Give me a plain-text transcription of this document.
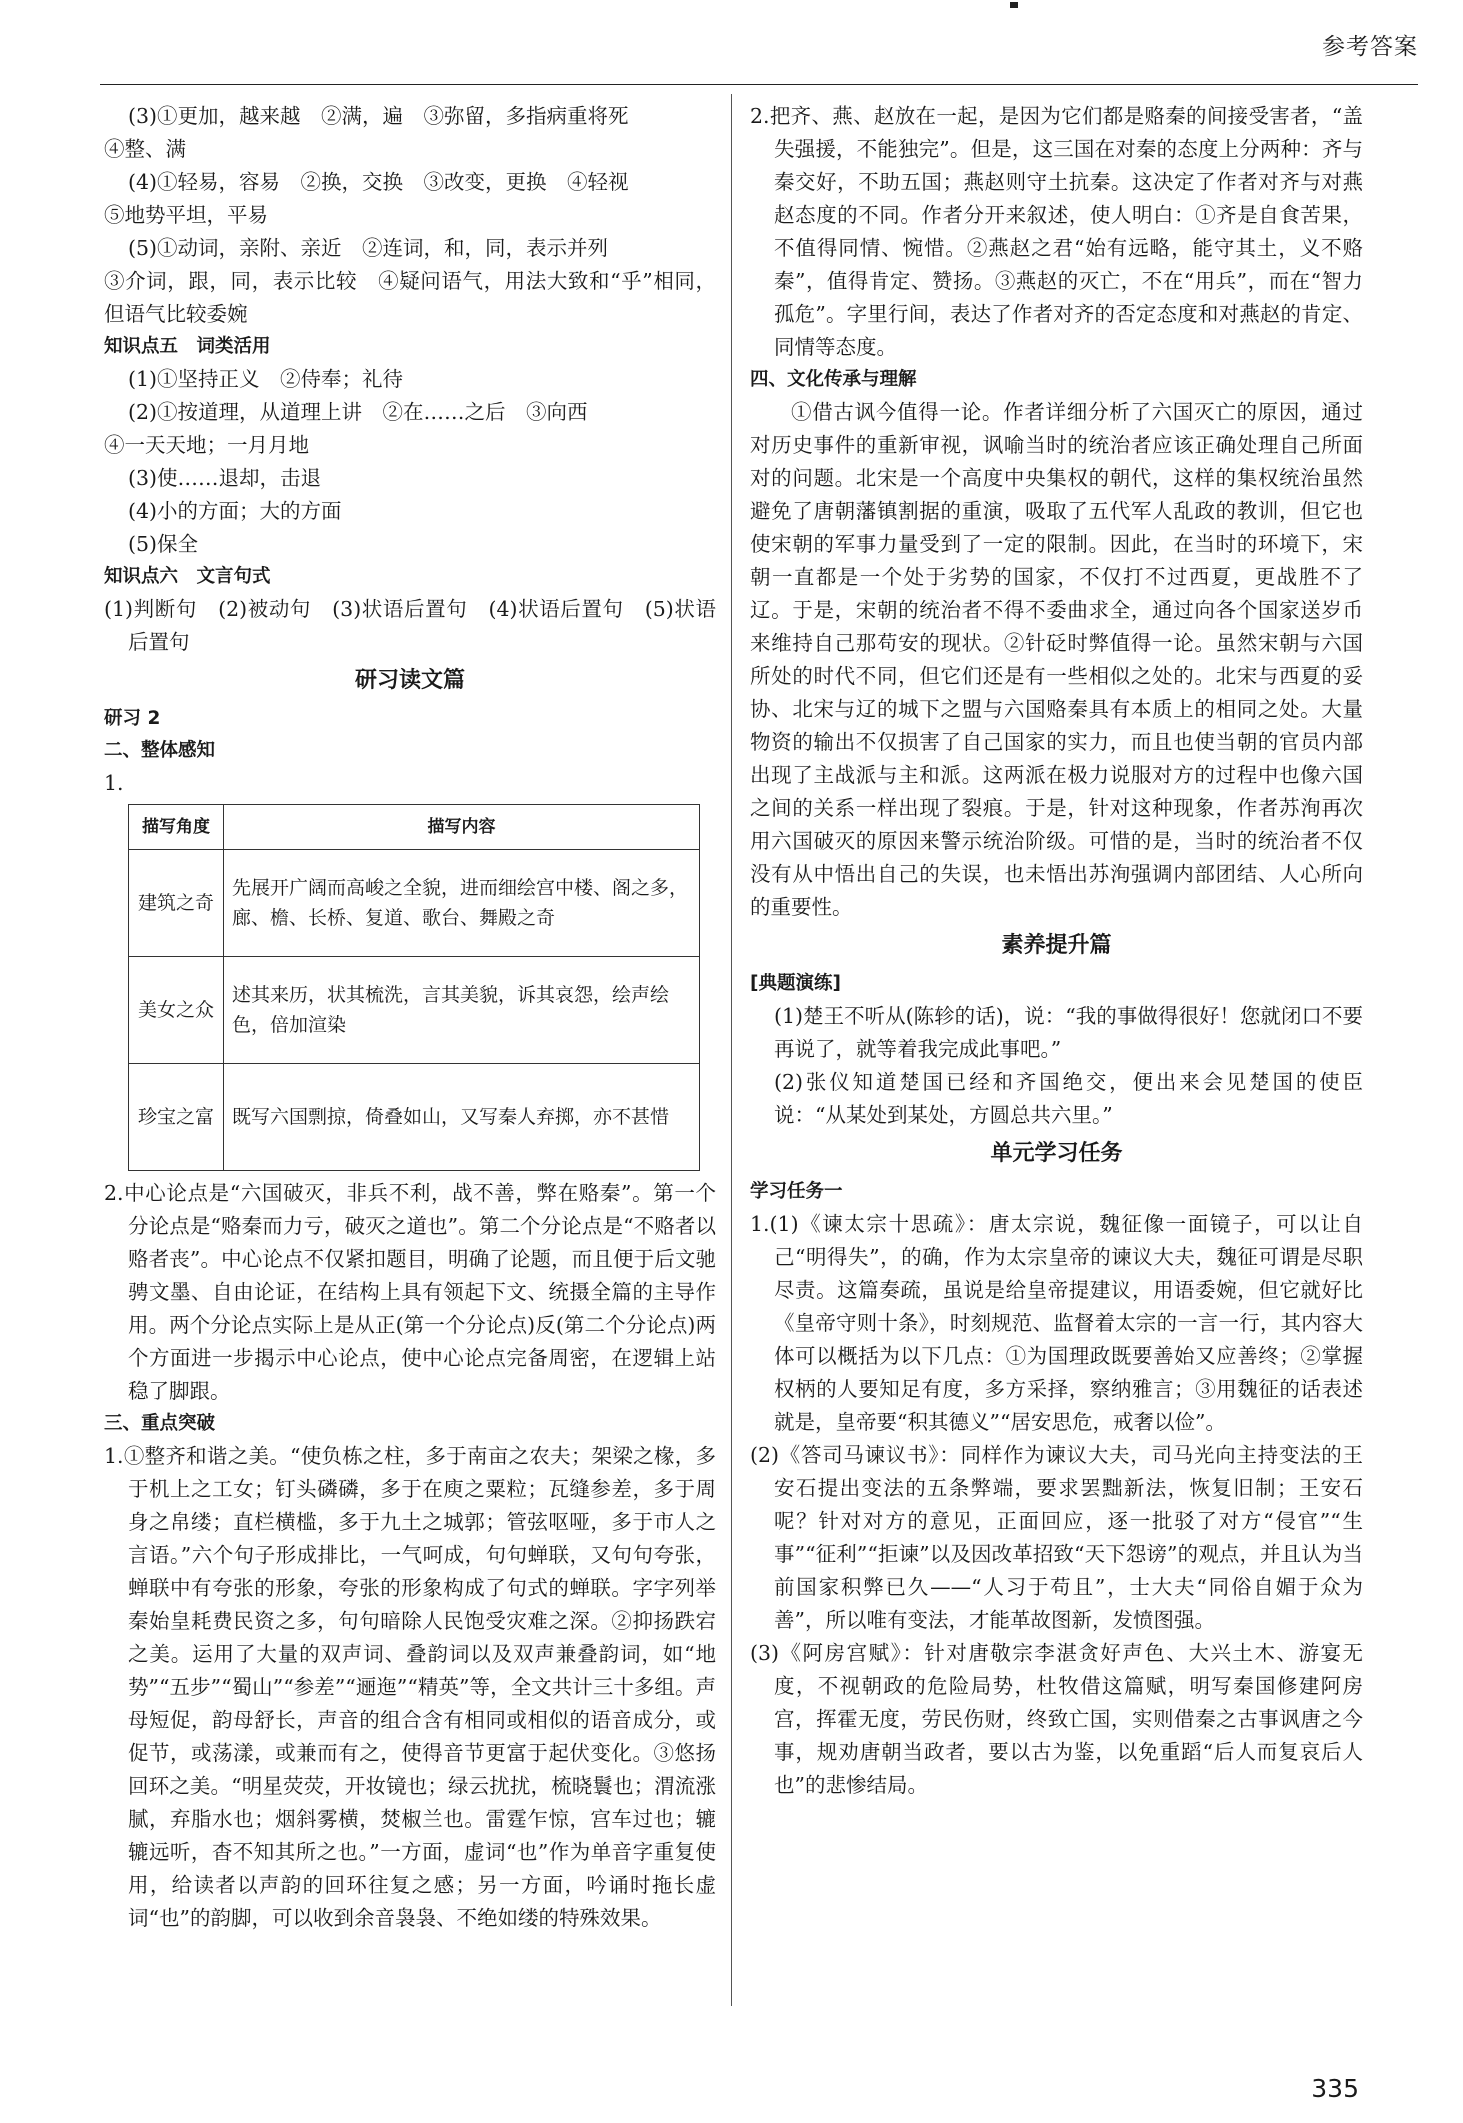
参考答案

(3)①更加，越来越　②满，遍　③弥留，多指病重将死

④整、满

(4)①轻易，容易　②换，交换　③改变，更换　④轻视

⑤地势平坦，平易

(5)①动词，亲附、亲近　②连词，和，同，表示并列

③介词，跟，同，表示比较　④疑问语气，用法大致和“乎”相同，但语气比较委婉

知识点五　词类活用

(1)①坚持正义　②侍奉；礼待

(2)①按道理，从道理上讲　②在……之后　③向西

④一天天地；一月月地

(3)使……退却，击退

(4)小的方面；大的方面

(5)保全

知识点六　文言句式

(1)判断句　(2)被动句　(3)状语后置句　(4)状语后置句　(5)状语后置句

研习读文篇

研习 2

二、整体感知

1.

描写角度	描写内容
建筑之奇	先展开广阔而高峻之全貌，进而细绘宫中楼、阁之多，廊、檐、长桥、复道、歌台、舞殿之奇
美女之众	述其来历，状其梳洗，言其美貌，诉其哀怨，绘声绘色，倍加渲染
珍宝之富	既写六国剽掠，倚叠如山，又写秦人弃掷，亦不甚惜

2.中心论点是“六国破灭，非兵不利，战不善，弊在赂秦”。第一个分论点是“赂秦而力亏，破灭之道也”。第二个分论点是“不赂者以赂者丧”。中心论点不仅紧扣题目，明确了论题，而且便于后文驰骋文墨、自由论证，在结构上具有领起下文、统摄全篇的主导作用。两个分论点实际上是从正(第一个分论点)反(第二个分论点)两个方面进一步揭示中心论点，使中心论点完备周密，在逻辑上站稳了脚跟。

三、重点突破

1.①整齐和谐之美。“使负栋之柱，多于南亩之农夫；架梁之椽，多于机上之工女；钉头磷磷，多于在庾之粟粒；瓦缝参差，多于周身之帛缕；直栏横槛，多于九土之城郭；管弦呕哑，多于市人之言语。”六个句子形成排比，一气呵成，句句蝉联，又句句夸张，蝉联中有夸张的形象，夸张的形象构成了句式的蝉联。字字列举秦始皇耗费民资之多，句句暗除人民饱受灾难之深。②抑扬跌宕之美。运用了大量的双声词、叠韵词以及双声兼叠韵词，如“地势”“五步”“蜀山”“参差”“逦迤”“精英”等，全文共计三十多组。声母短促，韵母舒长，声音的组合含有相同或相似的语音成分，或促节，或荡漾，或兼而有之，使得音节更富于起伏变化。③悠扬回环之美。“明星荧荧，开妆镜也；绿云扰扰，梳晓鬟也；渭流涨腻，弃脂水也；烟斜雾横，焚椒兰也。雷霆乍惊，宫车过也；辘辘远听，杳不知其所之也。”一方面，虚词“也”作为单音字重复使用，给读者以声韵的回环往复之感；另一方面，吟诵时拖长虚词“也”的韵脚，可以收到余音袅袅、不绝如缕的特殊效果。

2.把齐、燕、赵放在一起，是因为它们都是赂秦的间接受害者，“盖失强援，不能独完”。但是，这三国在对秦的态度上分两种：齐与秦交好，不助五国；燕赵则守土抗秦。这决定了作者对齐与对燕赵态度的不同。作者分开来叙述，使人明白：①齐是自食苦果，不值得同情、惋惜。②燕赵之君“始有远略，能守其土，义不赂秦”，值得肯定、赞扬。③燕赵的灭亡，不在“用兵”，而在“智力孤危”。字里行间，表达了作者对齐的否定态度和对燕赵的肯定、同情等态度。

四、文化传承与理解

①借古讽今值得一论。作者详细分析了六国灭亡的原因，通过对历史事件的重新审视，讽喻当时的统治者应该正确处理自己所面对的问题。北宋是一个高度中央集权的朝代，这样的集权统治虽然避免了唐朝藩镇割据的重演，吸取了五代军人乱政的教训，但它也使宋朝的军事力量受到了一定的限制。因此，在当时的环境下，宋朝一直都是一个处于劣势的国家，不仅打不过西夏，更战胜不了辽。于是，宋朝的统治者不得不委曲求全，通过向各个国家送岁币来维持自己那苟安的现状。②针砭时弊值得一论。虽然宋朝与六国所处的时代不同，但它们还是有一些相似之处的。北宋与西夏的妥协、北宋与辽的城下之盟与六国赂秦具有本质上的相同之处。大量物资的输出不仅损害了自己国家的实力，而且也使当朝的官员内部出现了主战派与主和派。这两派在极力说服对方的过程中也像六国之间的关系一样出现了裂痕。于是，针对这种现象，作者苏洵再次用六国破灭的原因来警示统治阶级。可惜的是，当时的统治者不仅没有从中悟出自己的失误，也未悟出苏洵强调内部团结、人心所向的重要性。

素养提升篇

[典题演练]

(1)楚王不听从(陈轸的话)，说：“我的事做得很好！您就闭口不要再说了，就等着我完成此事吧。”

(2)张仪知道楚国已经和齐国绝交，便出来会见楚国的使臣说：“从某处到某处，方圆总共六里。”

单元学习任务

学习任务一

1.(1)《谏太宗十思疏》：唐太宗说，魏征像一面镜子，可以让自己“明得失”，的确，作为太宗皇帝的谏议大夫，魏征可谓是尽职尽责。这篇奏疏，虽说是给皇帝提建议，用语委婉，但它就好比《皇帝守则十条》，时刻规范、监督着太宗的一言一行，其内容大体可以概括为以下几点：①为国理政既要善始又应善终；②掌握权柄的人要知足有度，多方采择，察纳雅言；③用魏征的话表述就是，皇帝要“积其德义”“居安思危，戒奢以俭”。

(2)《答司马谏议书》：同样作为谏议大夫，司马光向主持变法的王安石提出变法的五条弊端，要求罢黜新法，恢复旧制；王安石呢？针对对方的意见，正面回应，逐一批驳了对方“侵官”“生事”“征利”“拒谏”以及因改革招致“天下怨谤”的观点，并且认为当前国家积弊已久——“人习于苟且”，士大夫“同俗自媚于众为善”，所以唯有变法，才能革故图新，发愤图强。

(3)《阿房宫赋》：针对唐敬宗李湛贪好声色、大兴土木、游宴无度，不视朝政的危险局势，杜牧借这篇赋，明写秦国修建阿房宫，挥霍无度，劳民伤财，终致亡国，实则借秦之古事讽唐之今事，规劝唐朝当政者，要以古为鉴，以免重蹈“后人而复哀后人也”的悲惨结局。

335
